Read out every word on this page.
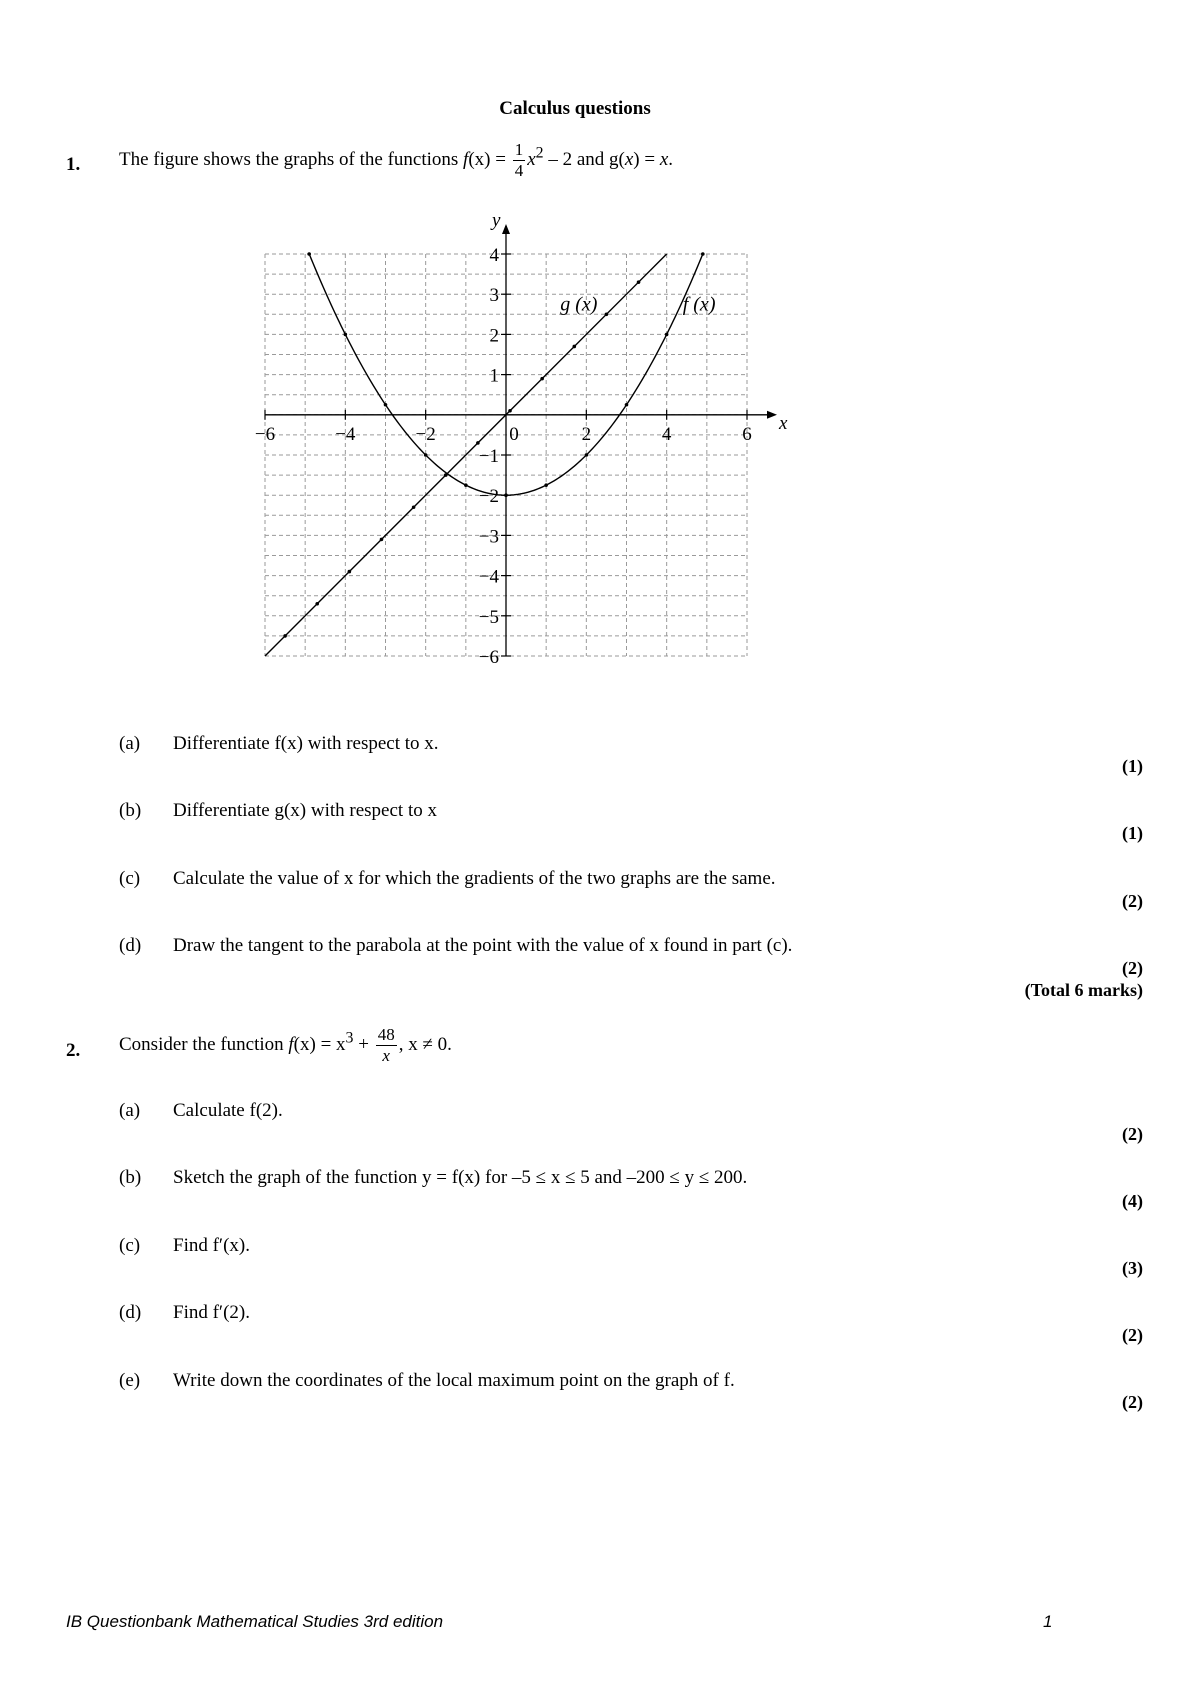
Calculus questions
1. The figure shows the graphs of the functions $f(x) = \frac{1}{4} x^2 - 2$ and g(x) = x.
−6	−4	−2	0	2	4	6
4
3
2
1
−1
−2
−3
−4
−5
−6
x
y
g (x)	f (x)
(a) Differentiate f(x) with respect to x.
(1)
(b) Differentiate g(x) with respect to x
(1)
(c) Calculate the value of x for which the gradients of the two graphs are the same.
(2)
(d) Draw the tangent to the parabola at the point with the value of x found in part (c).
(2)
(Total 6 marks)
2. Consider the function $f(x) = x^3 + \frac{48}{x}$ , x ≠ 0.
(a) Calculate f(2).
(2)
(b) Sketch the graph of the function y = f(x) for –5 ≤ x ≤ 5 and –200 ≤ y ≤ 200.
(4)
(c) Find f′(x).
(3)
(d) Find f′(2).
(2)
(e) Write down the coordinates of the local maximum point on the graph of f.
(2)
IB Questionbank Mathematical Studies 3rd edition	1
